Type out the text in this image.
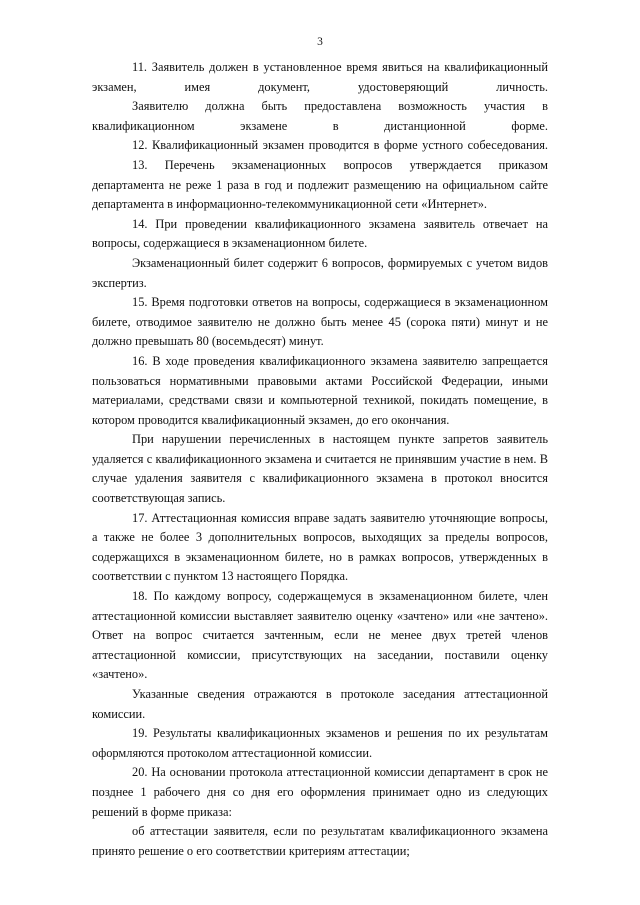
3

11. Заявитель должен в установленное время явиться на квалификационный экзамен, имея документ, удостоверяющий личность.

Заявителю должна быть предоставлена возможность участия в квалификационном экзамене в дистанционной форме.

12. Квалификационный экзамен проводится в форме устного собеседования.

13. Перечень экзаменационных вопросов утверждается приказом департамента не реже 1 раза в год и подлежит размещению на официальном сайте департамента в информационно-телекоммуникационной сети «Интернет».

14. При проведении квалификационного экзамена заявитель отвечает на вопросы, содержащиеся в экзаменационном билете.

Экзаменационный билет содержит 6 вопросов, формируемых с учетом видов экспертиз.

15. Время подготовки ответов на вопросы, содержащиеся в экзаменационном билете, отводимое заявителю не должно быть менее 45 (сорока пяти) минут и не должно превышать 80 (восемьдесят) минут.

16. В ходе проведения квалификационного экзамена заявителю запрещается пользоваться нормативными правовыми актами Российской Федерации, иными материалами, средствами связи и компьютерной техникой, покидать помещение, в котором проводится квалификационный экзамен, до его окончания.

При нарушении перечисленных в настоящем пункте запретов заявитель удаляется с квалификационного экзамена и считается не принявшим участие в нем. В случае удаления заявителя с квалификационного экзамена в протокол вносится соответствующая запись.

17. Аттестационная комиссия вправе задать заявителю уточняющие вопросы, а также не более 3 дополнительных вопросов, выходящих за пределы вопросов, содержащихся в экзаменационном билете, но в рамках вопросов, утвержденных в соответствии с пунктом 13 настоящего Порядка.

18. По каждому вопросу, содержащемуся в экзаменационном билете, член аттестационной комиссии выставляет заявителю оценку «зачтено» или «не зачтено». Ответ на вопрос считается зачтенным, если не менее двух третей членов аттестационной комиссии, присутствующих на заседании, поставили оценку «зачтено».

Указанные сведения отражаются в протоколе заседания аттестационной комиссии.

19. Результаты квалификационных экзаменов и решения по их результатам оформляются протоколом аттестационной комиссии.

20. На основании протокола аттестационной комиссии департамент в срок не позднее 1 рабочего дня со дня его оформления принимает одно из следующих решений в форме приказа:

об аттестации заявителя, если по результатам квалификационного экзамена принято решение о его соответствии критериям аттестации;
